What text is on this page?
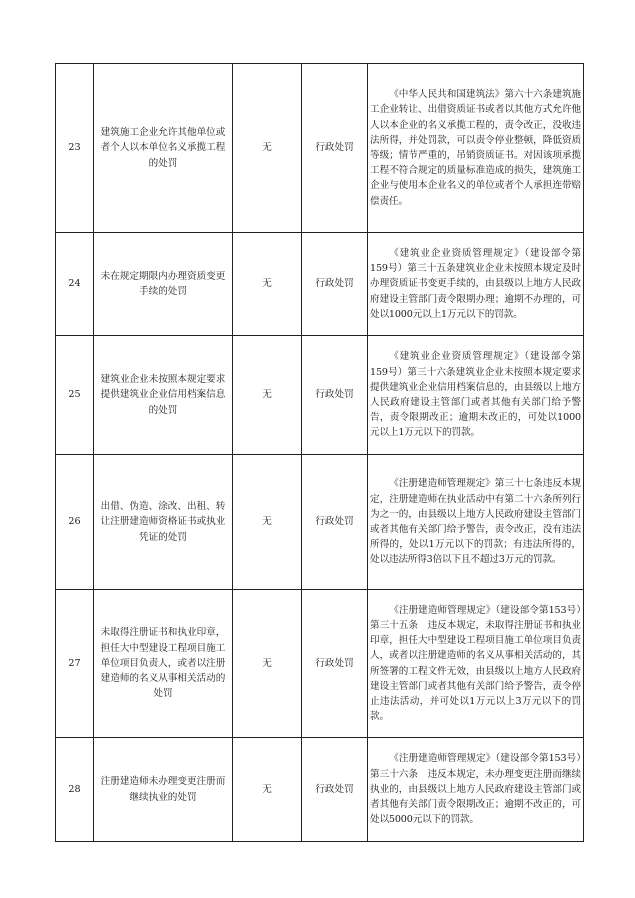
23	建筑施工企业允许其他单位或者个人以本单位名义承揽工程的处罚	无	行政处罚	《中华人民共和国建筑法》第六十六条建筑施工企业转让、出借资质证书或者以其他方式允许他人以本企业的名义承揽工程的，责令改正，没收违法所得，并处罚款，可以责令停业整顿，降低资质等级；情节严重的，吊销资质证书。对因该项承揽工程不符合规定的质量标准造成的损失，建筑施工企业与使用本企业名义的单位或者个人承担连带赔偿责任。
24	未在规定期限内办理资质变更手续的处罚	无	行政处罚	《建筑业企业资质管理规定》（建设部令第159号）第三十五条建筑业企业未按照本规定及时办理资质证书变更手续的，由县级以上地方人民政府建设主管部门责令限期办理；逾期不办理的，可处以1000元以上1万元以下的罚款。
25	建筑业企业未按照本规定要求提供建筑业企业信用档案信息的处罚	无	行政处罚	《建筑业企业资质管理规定》（建设部令第159号）第三十六条建筑业企业未按照本规定要求提供建筑业企业信用档案信息的，由县级以上地方人民政府建设主管部门或者其他有关部门给予警告，责令限期改正；逾期未改正的，可处以1000元以上1万元以下的罚款。
26	出借、伪造、涂改、出租、转让注册建造师资格证书或执业凭证的处罚	无	行政处罚	《注册建造师管理规定》第三十七条违反本规定，注册建造师在执业活动中有第二十六条所列行为之一的，由县级以上地方人民政府建设主管部门或者其他有关部门给予警告，责令改正，没有违法所得的，处以1万元以下的罚款；有违法所得的，处以违法所得3倍以下且不超过3万元的罚款。
27	未取得注册证书和执业印章，担任大中型建设工程项目施工单位项目负责人，或者以注册建造师的名义从事相关活动的处罚	无	行政处罚	《注册建造师管理规定》（建设部令第153号）第三十五条　违反本规定，未取得注册证书和执业印章，担任大中型建设工程项目施工单位项目负责人，或者以注册建造师的名义从事相关活动的，其所签署的工程文件无效，由县级以上地方人民政府建设主管部门或者其他有关部门给予警告，责令停止违法活动，并可处以1万元以上3万元以下的罚款。
28	注册建造师未办理变更注册而继续执业的处罚	无	行政处罚	《注册建造师管理规定》（建设部令第153号）第三十六条　违反本规定，未办理变更注册而继续执业的，由县级以上地方人民政府建设主管部门或者其他有关部门责令限期改正；逾期不改正的，可处以5000元以下的罚款。
